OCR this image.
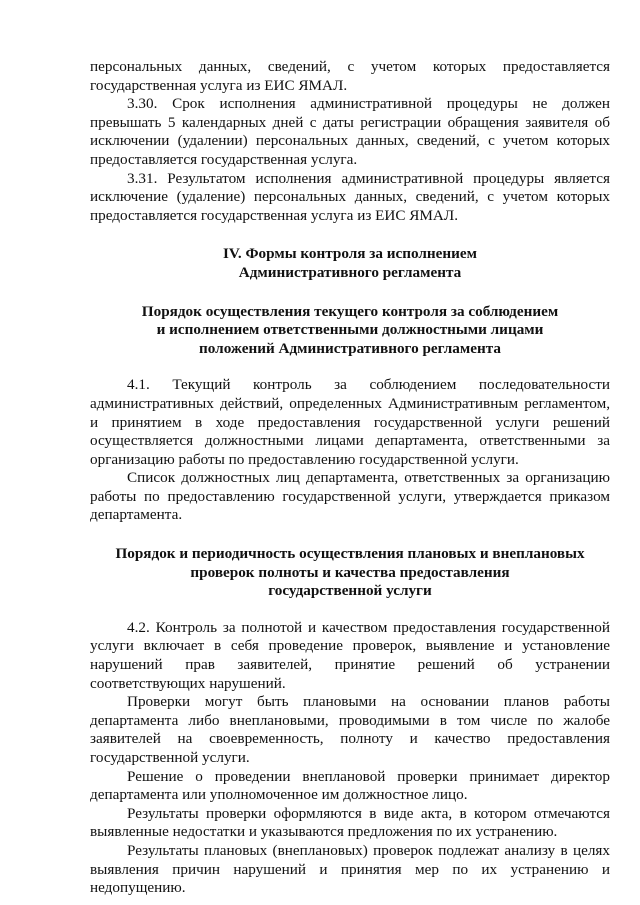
персональных данных, сведений, с учетом которых предоставляется государственная услуга из ЕИС ЯМАЛ.

3.30. Срок исполнения административной процедуры не должен превышать 5 календарных дней с даты регистрации обращения заявителя об исключении (удалении) персональных данных, сведений, с учетом которых предоставляется государственная услуга.

3.31. Результатом исполнения административной процедуры является исключение (удаление) персональных данных, сведений, с учетом которых предоставляется государственная услуга из ЕИС ЯМАЛ.

IV. Формы контроля за исполнением

Административного регламента

Порядок осуществления текущего контроля за соблюдением

и исполнением ответственными должностными лицами

положений Административного регламента

4.1. Текущий контроль за соблюдением последовательности административных действий, определенных Административным регламентом, и принятием в ходе предоставления государственной услуги решений осуществляется должностными лицами департамента, ответственными за организацию работы по предоставлению государственной услуги.

Список должностных лиц департамента, ответственных за организацию работы по предоставлению государственной услуги, утверждается приказом департамента.

Порядок и периодичность осуществления плановых и внеплановых

проверок полноты и качества предоставления

государственной услуги

4.2. Контроль за полнотой и качеством предоставления государственной услуги включает в себя проведение проверок, выявление и установление нарушений прав заявителей, принятие решений об устранении соответствующих нарушений.

Проверки могут быть плановыми на основании планов работы департамента либо внеплановыми, проводимыми в том числе по жалобе заявителей на своевременность, полноту и качество предоставления государственной услуги.

Решение о проведении внеплановой проверки принимает директор департамента или уполномоченное им должностное лицо.

Результаты проверки оформляются в виде акта, в котором отмечаются выявленные недостатки и указываются предложения по их устранению.

Результаты плановых (внеплановых) проверок подлежат анализу в целях выявления причин нарушений и принятия мер по их устранению и недопущению.
